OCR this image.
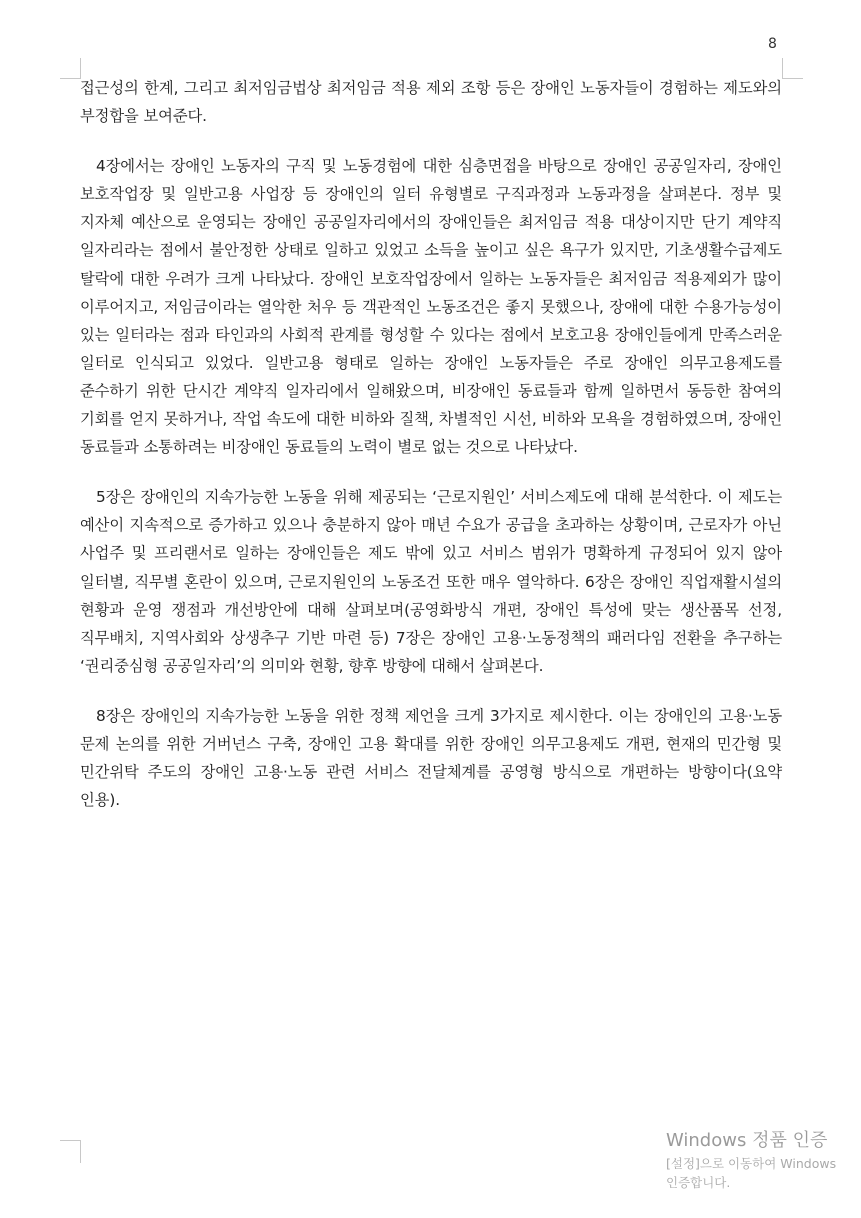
8

접근성의 한계, 그리고 최저임금법상 최저임금 적용 제외 조항 등은 장애인 노동자들이 경험하는 제도와의 부정합을 보여준다.

4장에서는 장애인 노동자의 구직 및 노동경험에 대한 심층면접을 바탕으로 장애인 공공일자리, 장애인 보호작업장 및 일반고용 사업장 등 장애인의 일터 유형별로 구직과정과 노동과정을 살펴본다. 정부 및 지자체 예산으로 운영되는 장애인 공공일자리에서의 장애인들은 최저임금 적용 대상이지만 단기 계약직 일자리라는 점에서 불안정한 상태로 일하고 있었고 소득을 높이고 싶은 욕구가 있지만, 기초생활수급제도 탈락에 대한 우려가 크게 나타났다. 장애인 보호작업장에서 일하는 노동자들은 최저임금 적용제외가 많이 이루어지고, 저임금이라는 열악한 처우 등 객관적인 노동조건은 좋지 못했으나, 장애에 대한 수용가능성이 있는 일터라는 점과 타인과의 사회적 관계를 형성할 수 있다는 점에서 보호고용 장애인들에게 만족스러운 일터로 인식되고 있었다. 일반고용 형태로 일하는 장애인 노동자들은 주로 장애인 의무고용제도를 준수하기 위한 단시간 계약직 일자리에서 일해왔으며, 비장애인 동료들과 함께 일하면서 동등한 참여의 기회를 얻지 못하거나, 작업 속도에 대한 비하와 질책, 차별적인 시선, 비하와 모욕을 경험하였으며, 장애인 동료들과 소통하려는 비장애인 동료들의 노력이 별로 없는 것으로 나타났다.

5장은 장애인의 지속가능한 노동을 위해 제공되는 ‘근로지원인’ 서비스제도에 대해 분석한다. 이 제도는 예산이 지속적으로 증가하고 있으나 충분하지 않아 매년 수요가 공급을 초과하는 상황이며, 근로자가 아닌 사업주 및 프리랜서로 일하는 장애인들은 제도 밖에 있고 서비스 범위가 명확하게 규정되어 있지 않아 일터별, 직무별 혼란이 있으며, 근로지원인의 노동조건 또한 매우 열악하다. 6장은 장애인 직업재활시설의 현황과 운영 쟁점과 개선방안에 대해 살펴보며(공영화방식 개편, 장애인 특성에 맞는 생산품목 선정, 직무배치, 지역사회와 상생추구 기반 마련 등) 7장은 장애인 고용·노동정책의 패러다임 전환을 추구하는 ‘권리중심형 공공일자리’의 의미와 현황, 향후 방향에 대해서 살펴본다.

8장은 장애인의 지속가능한 노동을 위한 정책 제언을 크게 3가지로 제시한다. 이는 장애인의 고용·노동 문제 논의를 위한 거버넌스 구축, 장애인 고용 확대를 위한 장애인 의무고용제도 개편, 현재의 민간형 및 민간위탁 주도의 장애인 고용·노동 관련 서비스 전달체계를 공영형 방식으로 개편하는 방향이다(요약 인용).

Windows 정품 인증
[설정]으로 이동하여 Windows
인증합니다.
